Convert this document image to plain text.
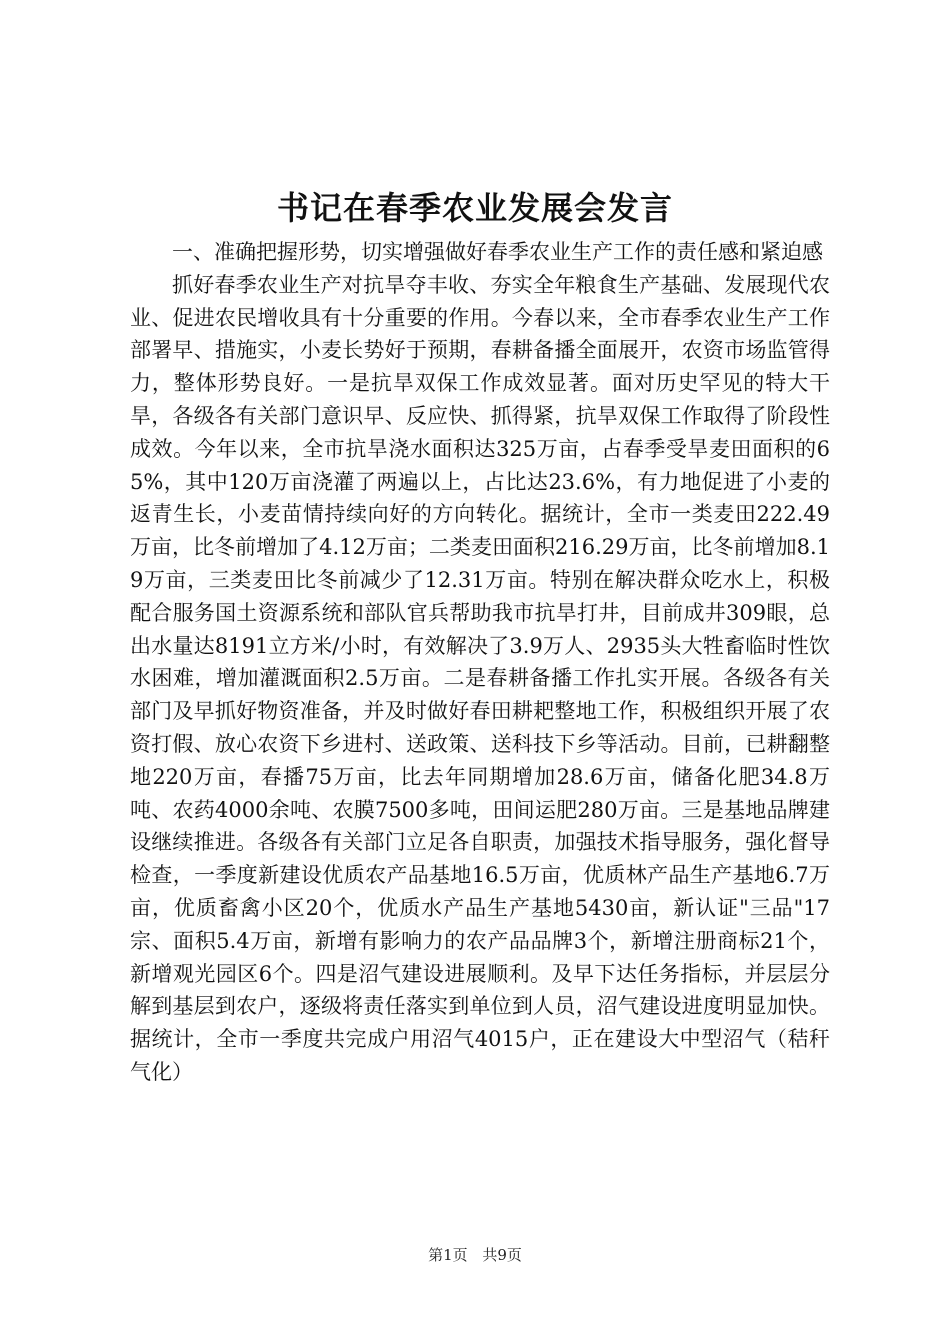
书记在春季农业发展会发言

一、准确把握形势，切实增强做好春季农业生产工作的责任感和紧迫感

抓好春季农业生产对抗旱夺丰收、夯实全年粮食生产基础、发展现代农业、促进农民增收具有十分重要的作用。今春以来，全市春季农业生产工作部署早、措施实，小麦长势好于预期，春耕备播全面展开，农资市场监管得力，整体形势良好。一是抗旱双保工作成效显著。面对历史罕见的特大干旱，各级各有关部门意识早、反应快、抓得紧，抗旱双保工作取得了阶段性成效。今年以来，全市抗旱浇水面积达325万亩，占春季受旱麦田面积的65%，其中120万亩浇灌了两遍以上，占比达23.6%，有力地促进了小麦的返青生长，小麦苗情持续向好的方向转化。据统计，全市一类麦田222.49万亩，比冬前增加了4.12万亩；二类麦田面积216.29万亩，比冬前增加8.19万亩，三类麦田比冬前减少了12.31万亩。特别在解决群众吃水上，积极配合服务国土资源系统和部队官兵帮助我市抗旱打井，目前成井309眼，总出水量达8191立方米/小时，有效解决了3.9万人、2935头大牲畜临时性饮水困难，增加灌溉面积2.5万亩。二是春耕备播工作扎实开展。各级各有关部门及早抓好物资准备，并及时做好春田耕耙整地工作，积极组织开展了农资打假、放心农资下乡进村、送政策、送科技下乡等活动。目前，已耕翻整地220万亩，春播75万亩，比去年同期增加28.6万亩，储备化肥34.8万吨、农药4000余吨、农膜7500多吨，田间运肥280万亩。三是基地品牌建设继续推进。各级各有关部门立足各自职责，加强技术指导服务，强化督导检查，一季度新建设优质农产品基地16.5万亩，优质林产品生产基地6.7万亩，优质畜禽小区20个，优质水产品生产基地5430亩，新认证"三品"17宗、面积5.4万亩，新增有影响力的农产品品牌3个，新增注册商标21个，新增观光园区6个。四是沼气建设进展顺利。及早下达任务指标，并层层分解到基层到农户，逐级将责任落实到单位到人员，沼气建设进度明显加快。据统计，全市一季度共完成户用沼气4015户，正在建设大中型沼气（秸秆气化）

第1页 共9页
